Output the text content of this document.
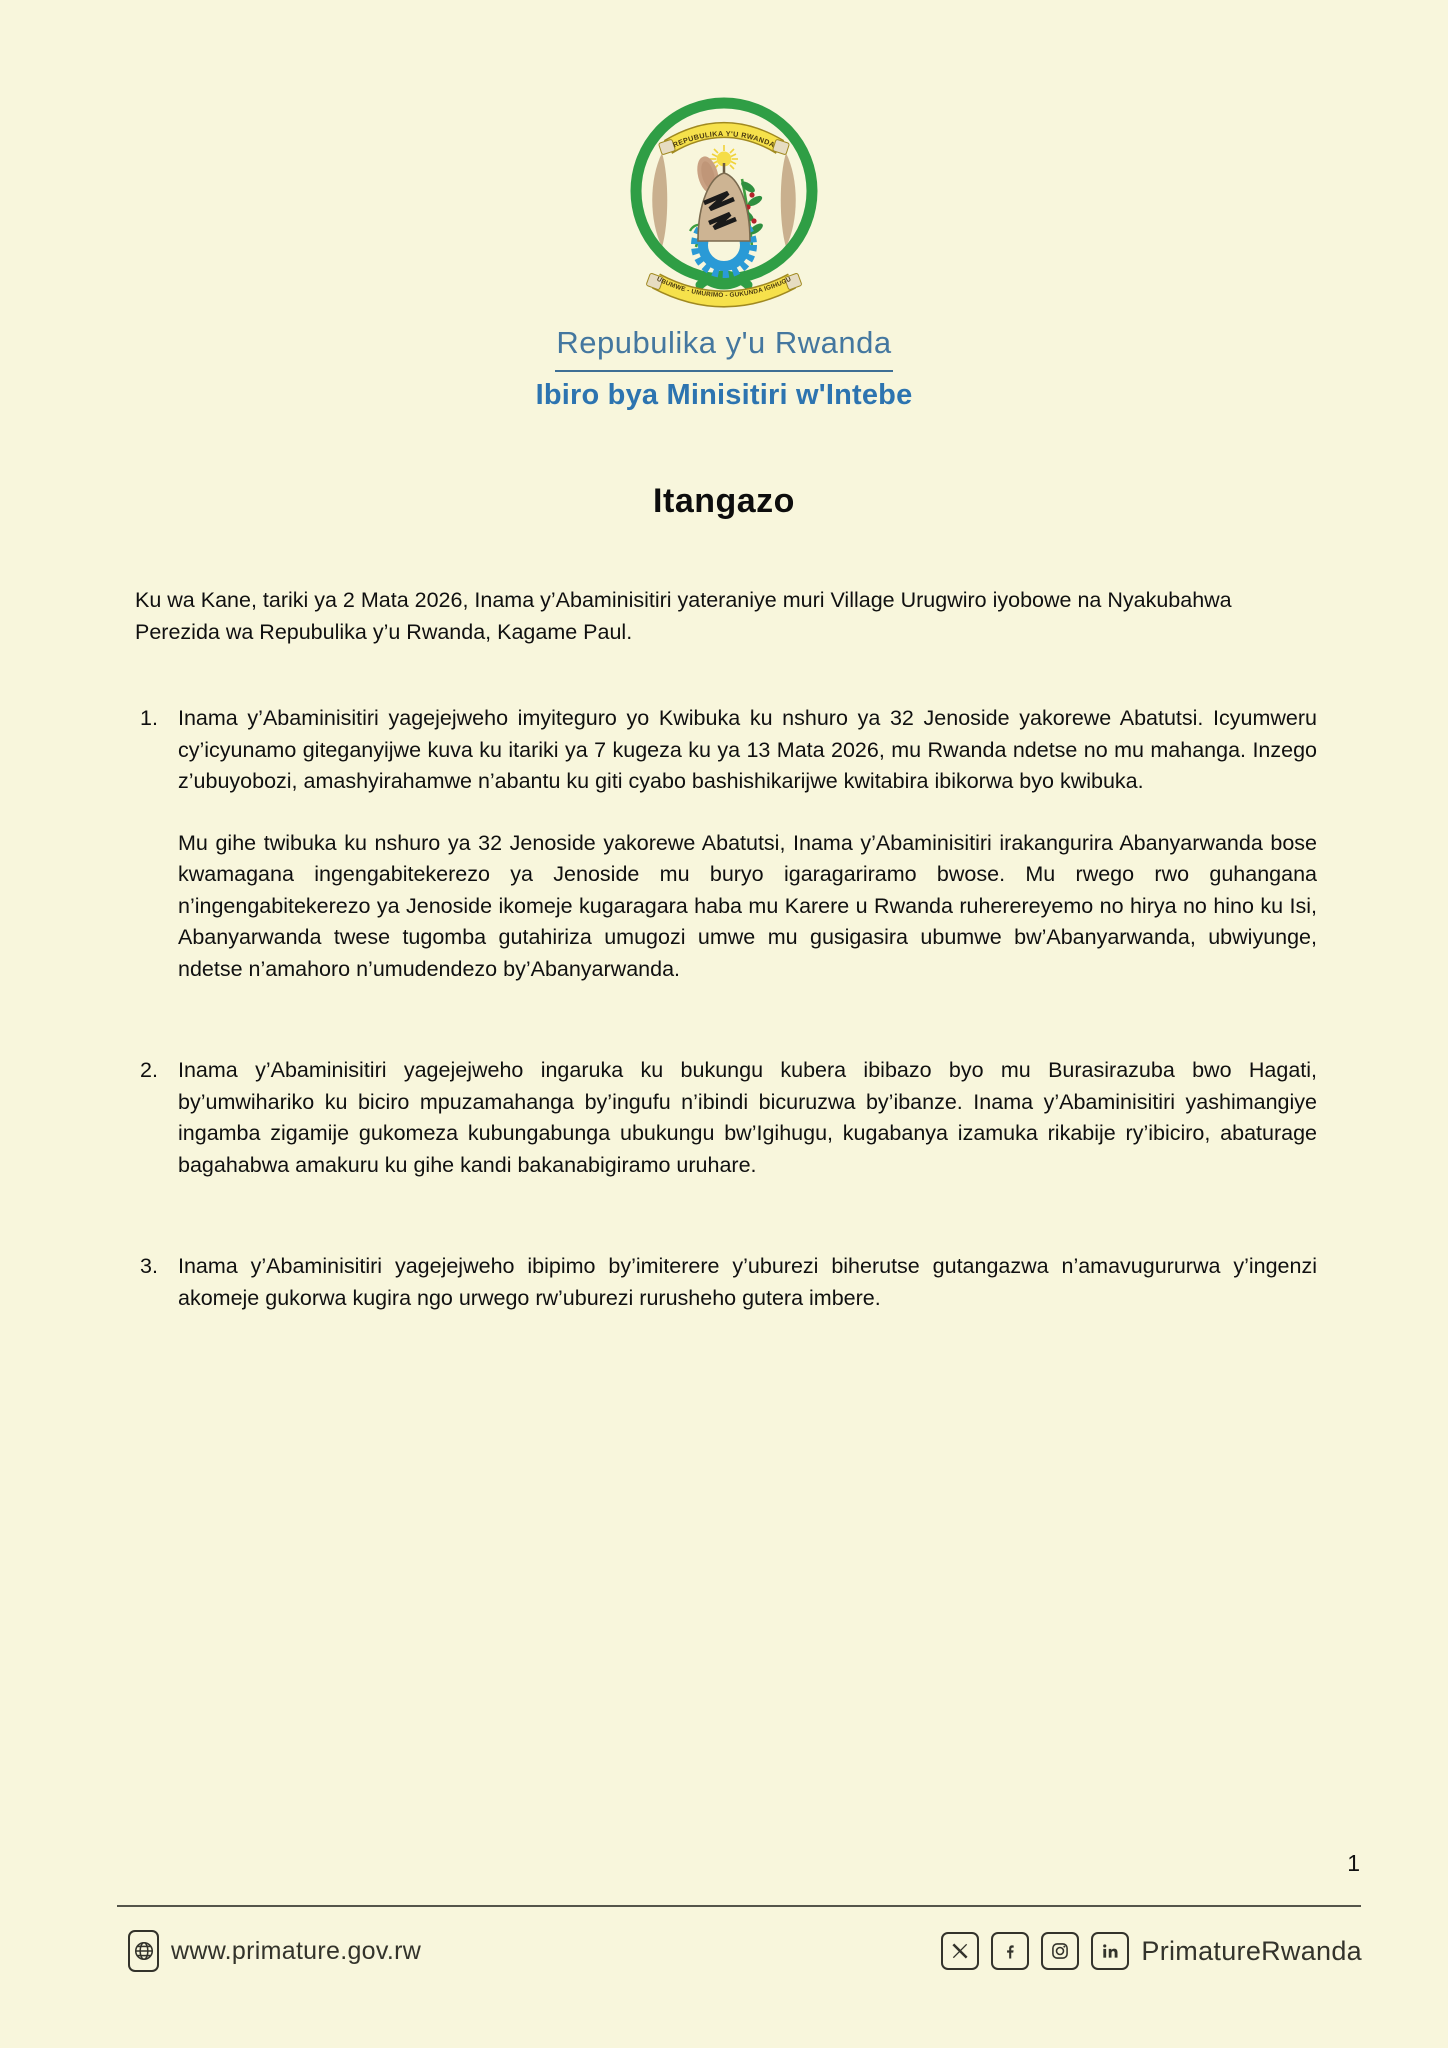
REPUBULIKA Y'U RWANDA
UBUMWE - UMURIMO - GUKUNDA IGIHUGU
Repubulika y'u Rwanda
Ibiro bya Minisitiri w'Intebe
Itangazo

Ku wa Kane, tariki ya 2 Mata 2026, Inama y’Abaminisitiri yateraniye muri Village Urugwiro iyobowe na Nyakubahwa Perezida wa Repubulika y’u Rwanda, Kagame Paul.

1. Inama y’Abaminisitiri yagejejweho imyiteguro yo Kwibuka ku nshuro ya 32 Jenoside yakorewe Abatutsi. Icyumweru cy’icyunamo giteganyijwe kuva ku itariki ya 7 kugeza ku ya 13 Mata 2026, mu Rwanda ndetse no mu mahanga. Inzego z’ubuyobozi, amashyirahamwe n’abantu ku giti cyabo bashishikarijwe kwitabira ibikorwa byo kwibuka.

Mu gihe twibuka ku nshuro ya 32 Jenoside yakorewe Abatutsi, Inama y’Abaminisitiri irakangurira Abanyarwanda bose kwamagana ingengabitekerezo ya Jenoside mu buryo igaragariramo bwose. Mu rwego rwo guhangana n’ingengabitekerezo ya Jenoside ikomeje kugaragara haba mu Karere u Rwanda ruherereyemo no hirya no hino ku Isi, Abanyarwanda twese tugomba gutahiriza umugozi umwe mu gusigasira ubumwe bw’Abanyarwanda, ubwiyunge, ndetse n’amahoro n’umudendezo by’Abanyarwanda.

2. Inama y’Abaminisitiri yagejejweho ingaruka ku bukungu kubera ibibazo byo mu Burasirazuba bwo Hagati, by’umwihariko ku biciro mpuzamahanga by’ingufu n’ibindi bicuruzwa by’ibanze. Inama y’Abaminisitiri yashimangiye ingamba zigamije gukomeza kubungabunga ubukungu bw’Igihugu, kugabanya izamuka rikabije ry’ibiciro, abaturage bagahabwa amakuru ku gihe kandi bakanabigiramo uruhare.

3. Inama y’Abaminisitiri yagejejweho ibipimo by’imiterere y’uburezi biherutse gutangazwa n’amavugururwa y’ingenzi akomeje gukorwa kugira ngo urwego rw’uburezi rurusheho gutera imbere.

1
www.primature.gov.rw	PrimatureRwanda
